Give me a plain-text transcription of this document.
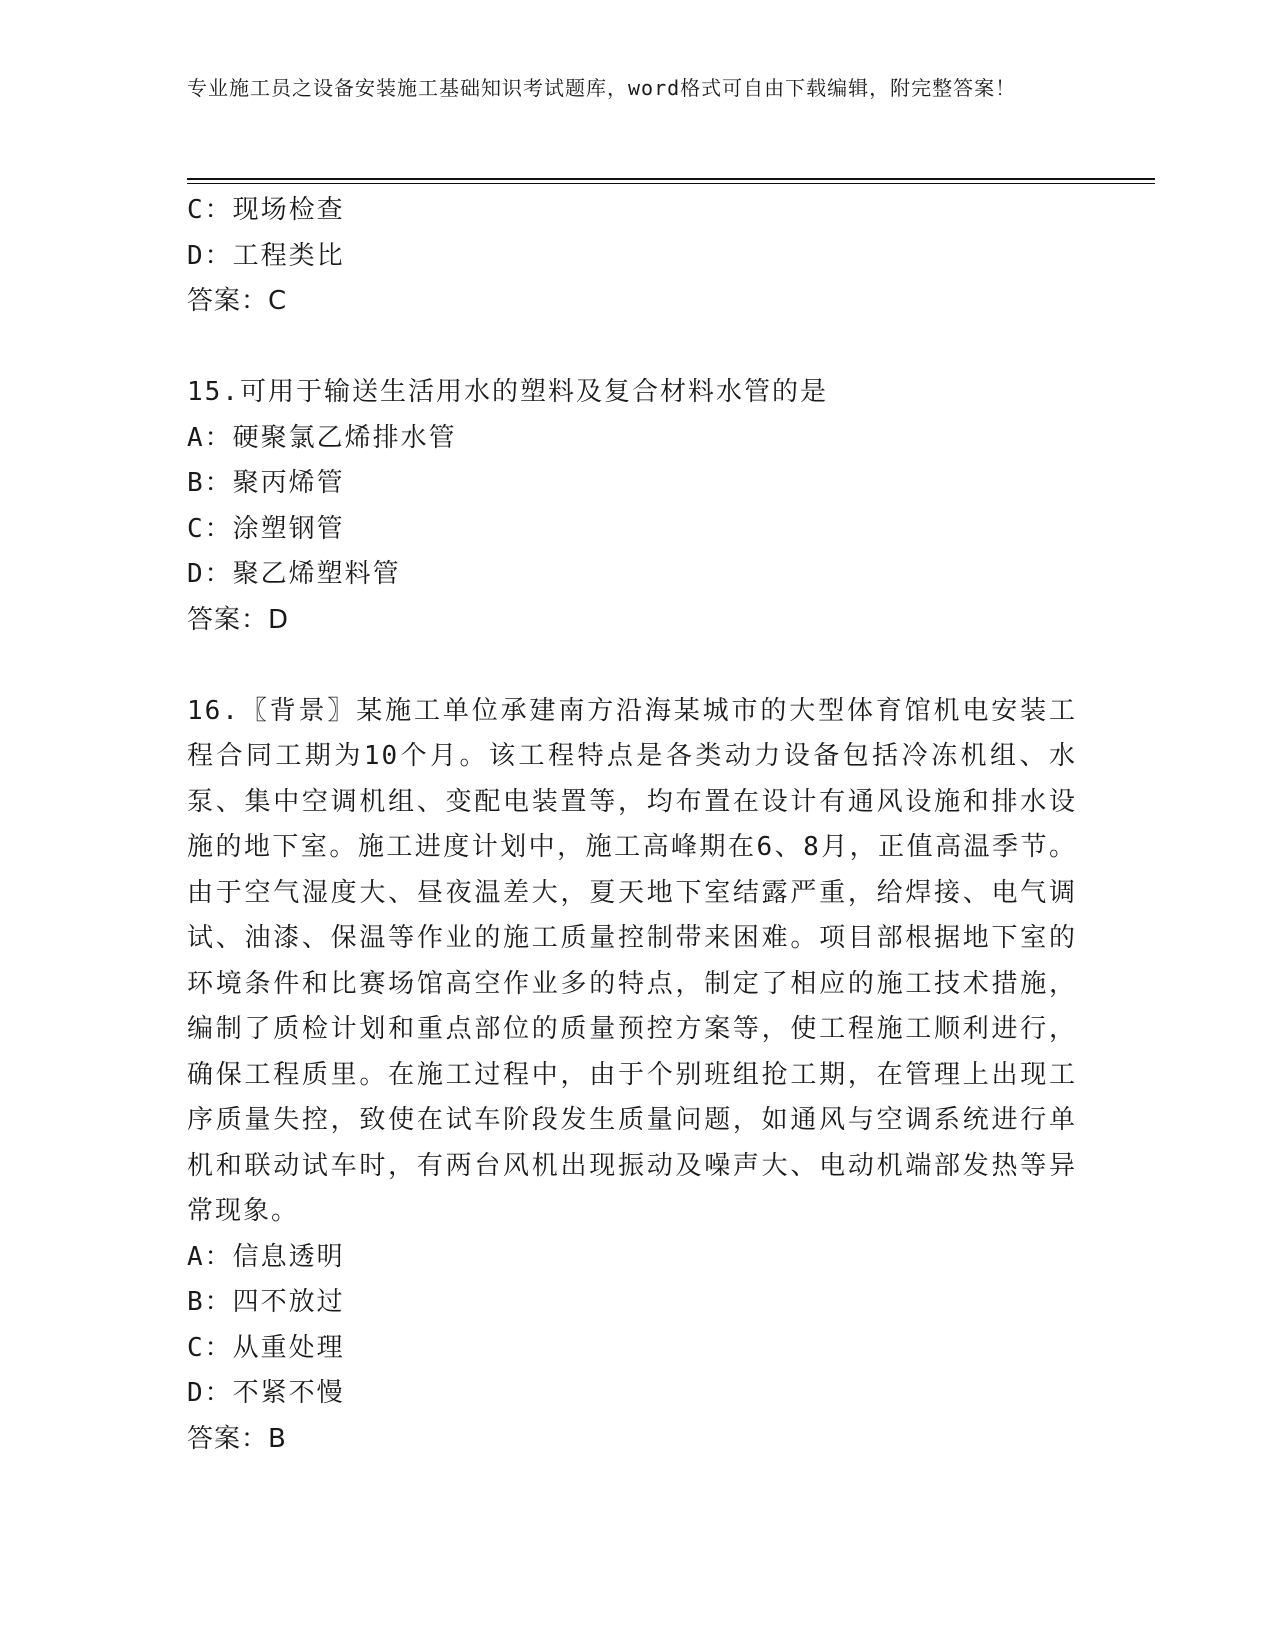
专业施工员之设备安装施工基础知识考试题库，word格式可自由下载编辑，附完整答案！
C：现场检查
D：工程类比
答案：C
15.可用于输送生活用水的塑料及复合材料水管的是
A：硬聚氯乙烯排水管
B：聚丙烯管
C：涂塑钢管
D：聚乙烯塑料管
答案：D
16.〖背景〗某施工单位承建南方沿海某城市的大型体育馆机电安装工程合同工期为10个月。该工程特点是各类动力设备包括冷冻机组、水泵、集中空调机组、变配电装置等，均布置在设计有通风设施和排水设施的地下室。施工进度计划中，施工高峰期在6、8月，正值高温季节。由于空气湿度大、昼夜温差大，夏天地下室结露严重，给焊接、电气调试、油漆、保温等作业的施工质量控制带来困难。项目部根据地下室的环境条件和比赛场馆高空作业多的特点，制定了相应的施工技术措施，编制了质检计划和重点部位的质量预控方案等，使工程施工顺利进行，确保工程质里。在施工过程中，由于个别班组抢工期，在管理上出现工序质量失控，致使在试车阶段发生质量问题，如通风与空调系统进行单机和联动试车时，有两台风机出现振动及噪声大、电动机端部发热等异常现象。
A：信息透明
B：四不放过
C：从重处理
D：不紧不慢
答案：B
